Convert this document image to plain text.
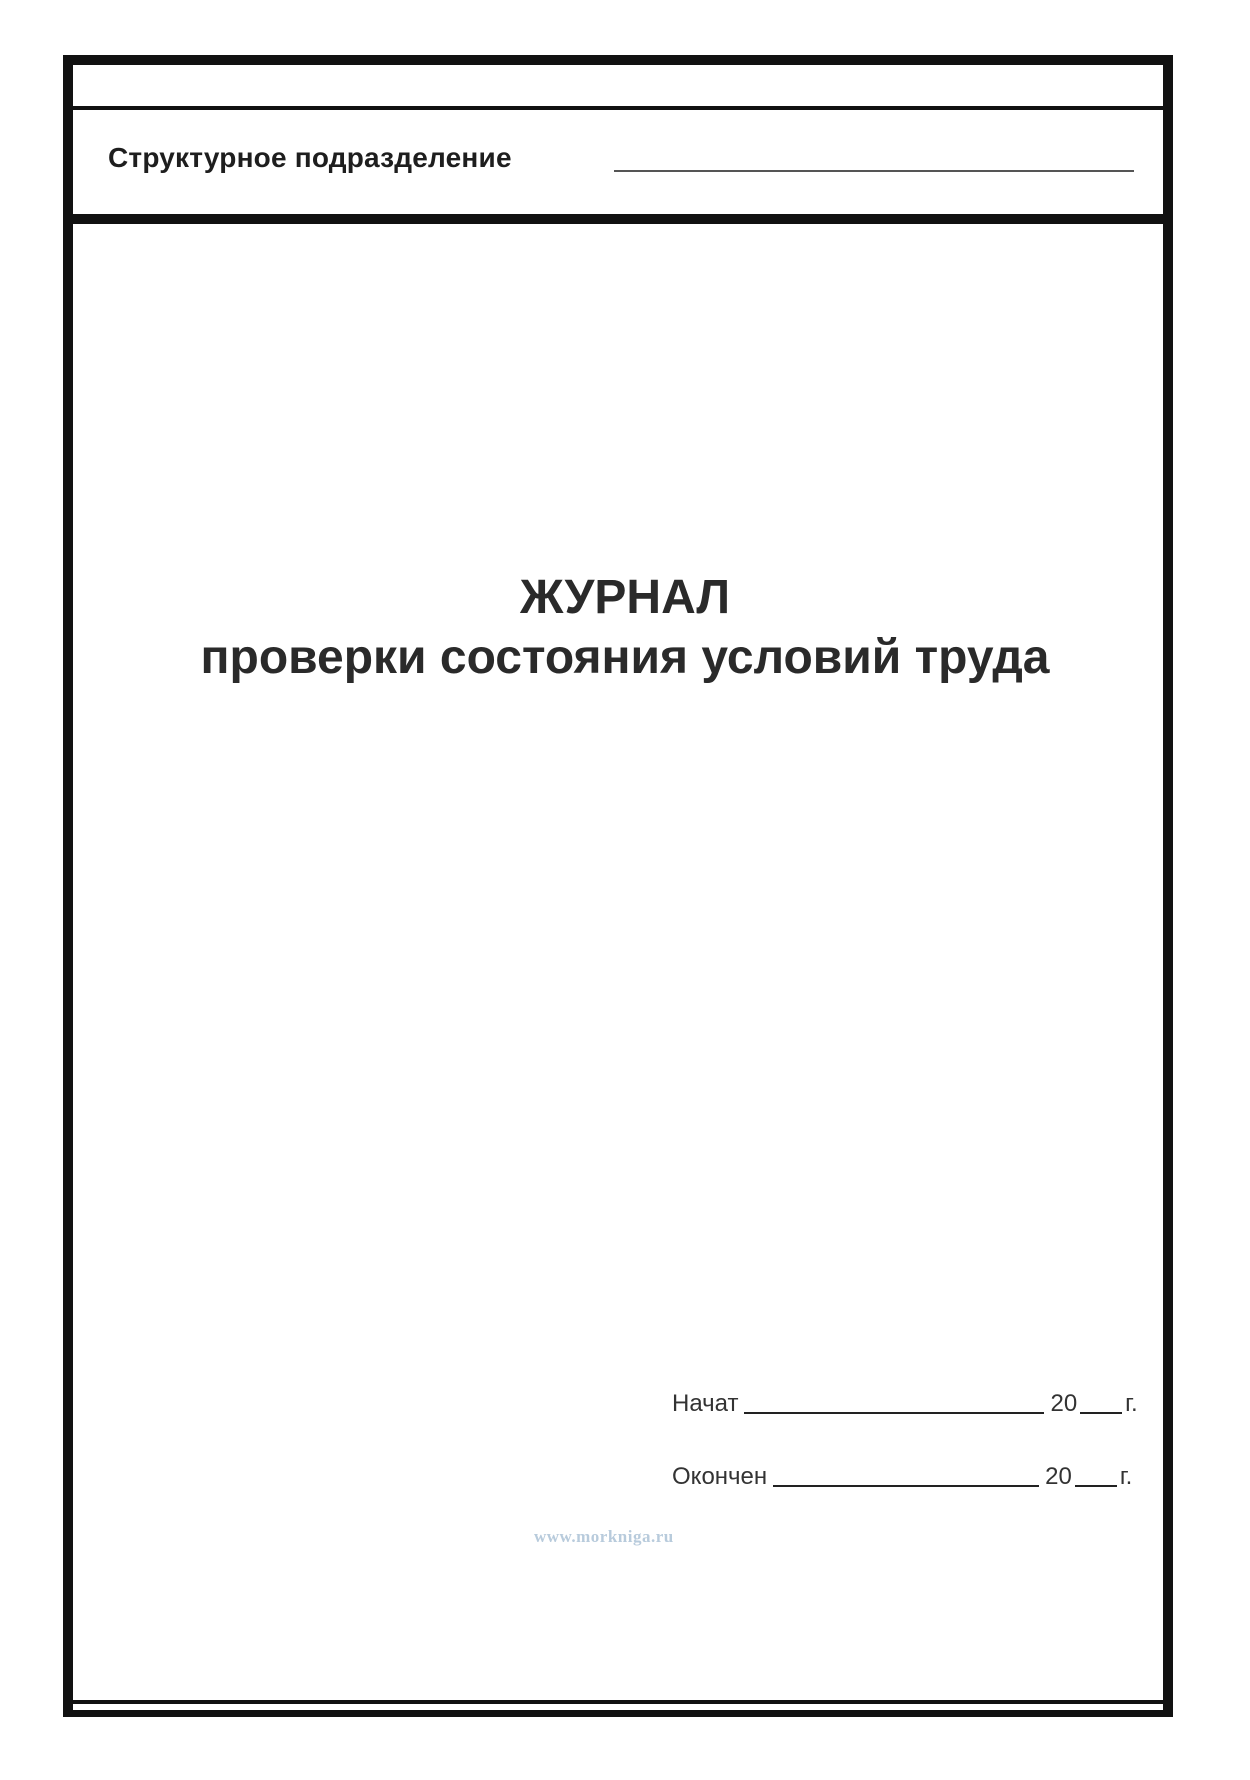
Структурное подразделение
ЖУРНАЛ
проверки состояния условий труда
Начат	20 г.
Окончен	20 г.
www.morkniga.ru
